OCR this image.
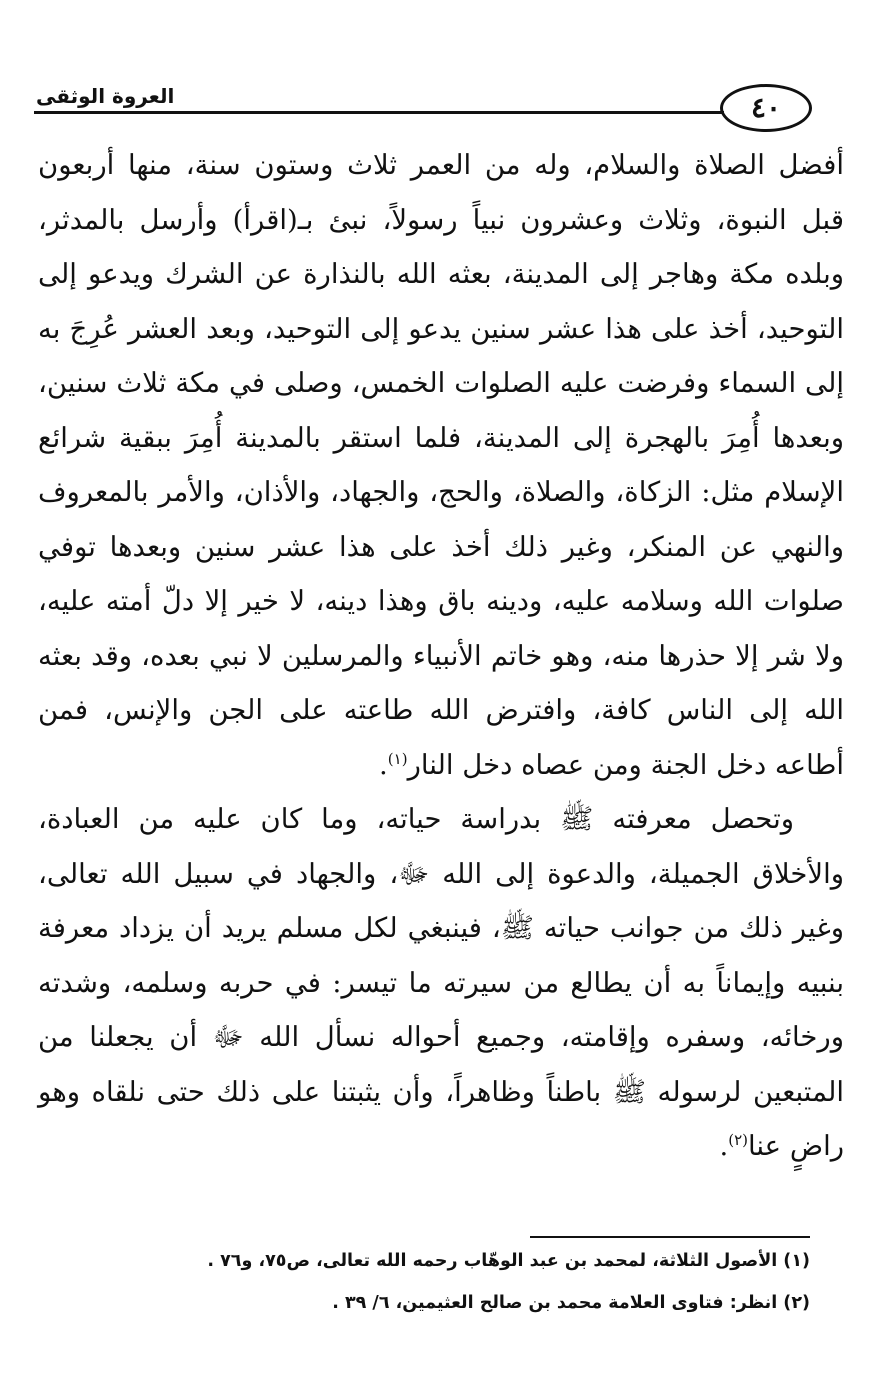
العروة الوثقى	٤٠

أفضل الصلاة والسلام، وله من العمر ثلاث وستون سنة، منها أربعون قبل النبوة، وثلاث وعشرون نبياً رسولاً، نبئ بـ(اقرأ) وأرسل بالمدثر، وبلده مكة وهاجر إلى المدينة، بعثه الله بالنذارة عن الشرك ويدعو إلى التوحيد، أخذ على هذا عشر سنين يدعو إلى التوحيد، وبعد العشر عُرِجَ به إلى السماء وفرضت عليه الصلوات الخمس، وصلى في مكة ثلاث سنين، وبعدها أُمِرَ بالهجرة إلى المدينة، فلما استقر بالمدينة أُمِرَ ببقية شرائع الإسلام مثل: الزكاة، والصلاة، والحج، والجهاد، والأذان، والأمر بالمعروف والنهي عن المنكر، وغير ذلك أخذ على هذا عشر سنين وبعدها توفي صلوات الله وسلامه عليه، ودينه باق وهذا دينه، لا خير إلا دلّ أمته عليه، ولا شر إلا حذرها منه، وهو خاتم الأنبياء والمرسلين لا نبي بعده، وقد بعثه الله إلى الناس كافة، وافترض الله طاعته على الجن والإنس، فمن أطاعه دخل الجنة ومن عصاه دخل النار$^{(١)}$.

وتحصل معرفته ﷺ بدراسة حياته، وما كان عليه من العبادة، والأخلاق الجميلة، والدعوة إلى الله ﷻ، والجهاد في سبيل الله تعالى، وغير ذلك من جوانب حياته ﷺ، فينبغي لكل مسلم يريد أن يزداد معرفة بنبيه وإيماناً به أن يطالع من سيرته ما تيسر: في حربه وسلمه، وشدته ورخائه، وسفره وإقامته، وجميع أحواله نسأل الله ﷻ أن يجعلنا من المتبعين لرسوله ﷺ باطناً وظاهراً، وأن يثبتنا على ذلك حتى نلقاه وهو راضٍ عنا$^{(٢)}$.

(١) الأصول الثلاثة، لمحمد بن عبد الوهّاب رحمه الله تعالى، ص٧٥، و٧٦ .
(٢) انظر: فتاوى العلامة محمد بن صالح العثيمين، ٦/ ٣٩ .
